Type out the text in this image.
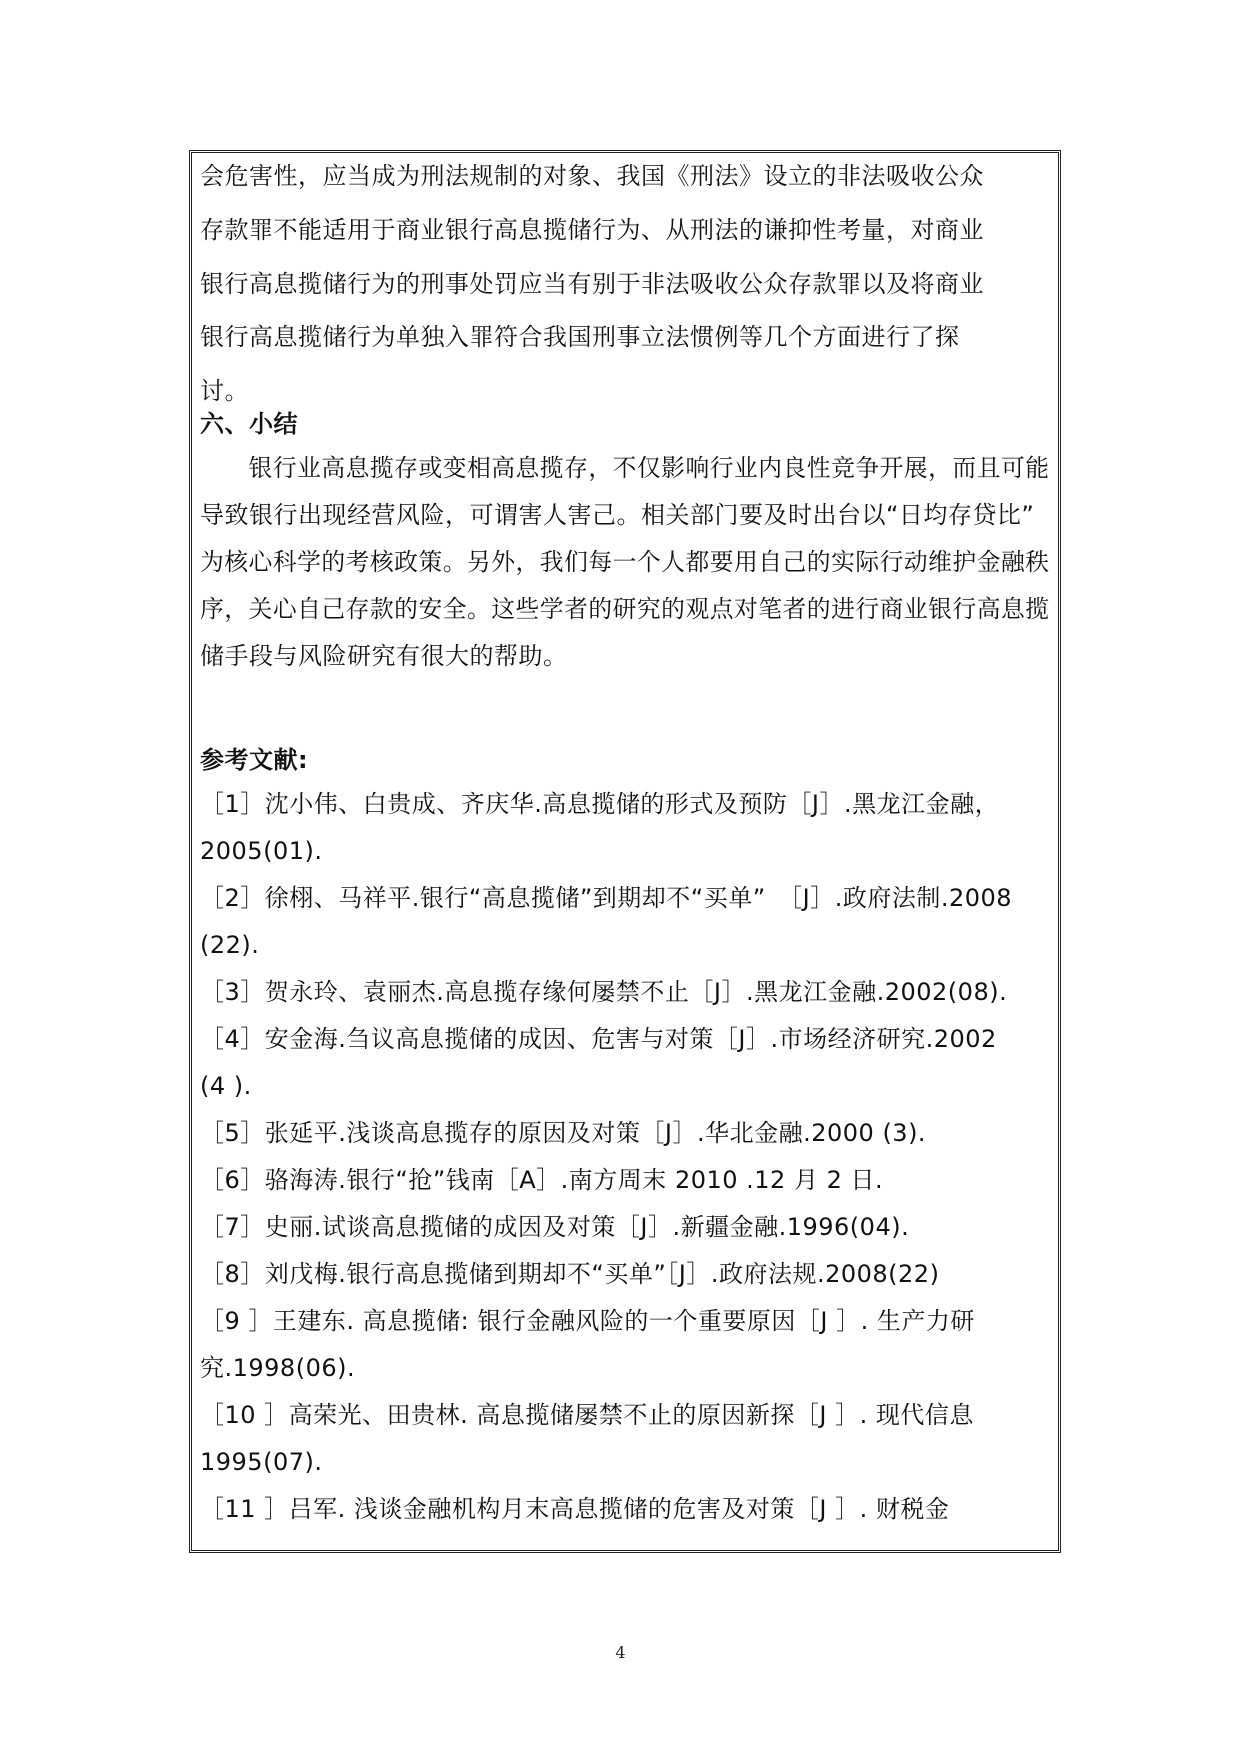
会危害性，应当成为刑法规制的对象、我国《刑法》设立的非法吸收公众
存款罪不能适用于商业银行高息揽储行为、从刑法的谦抑性考量，对商业
银行高息揽储行为的刑事处罚应当有别于非法吸收公众存款罪以及将商业
银行高息揽储行为单独入罪符合我国刑事立法惯例等几个方面进行了探
讨。
六、小结
　　银行业高息揽存或变相高息揽存，不仅影响行业内良性竞争开展，而且可能
导致银行出现经营风险，可谓害人害己。相关部门要及时出台以“日均存贷比”
为核心科学的考核政策。另外，我们每一个人都要用自己的实际行动维护金融秩
序，关心自己存款的安全。这些学者的研究的观点对笔者的进行商业银行高息揽
储手段与风险研究有很大的帮助。
参考文献:
［1］沈小伟、白贵成、齐庆华.高息揽储的形式及预防［J］.黑龙江金融，
2005(01).
［2］徐栩、马祥平.银行“高息揽储”到期却不“买单”　［J］.政府法制.2008
(22).
［3］贺永玲、袁丽杰.高息揽存缘何屡禁不止［J］.黑龙江金融.2002(08).
［4］安金海.刍议高息揽储的成因、危害与对策［J］.市场经济研究.2002
(4 ).
［5］张延平.浅谈高息揽存的原因及对策［J］.华北金融.2000 (3).
［6］骆海涛.银行“抢”钱南［A］.南方周末 2010 .12 月 2 日.
［7］史丽.试谈高息揽储的成因及对策［J］.新疆金融.1996(04).
［8］刘戊梅.银行高息揽储到期却不“买单”［J］.政府法规.2008(22)
［9 ］王建东. 高息揽储: 银行金融风险的一个重要原因［J ］. 生产力研
究.1998(06).
［10 ］高荣光、田贵林. 高息揽储屡禁不止的原因新探［J ］. 现代信息
1995(07).
［11 ］吕军. 浅谈金融机构月末高息揽储的危害及对策［J ］. 财税金
4
